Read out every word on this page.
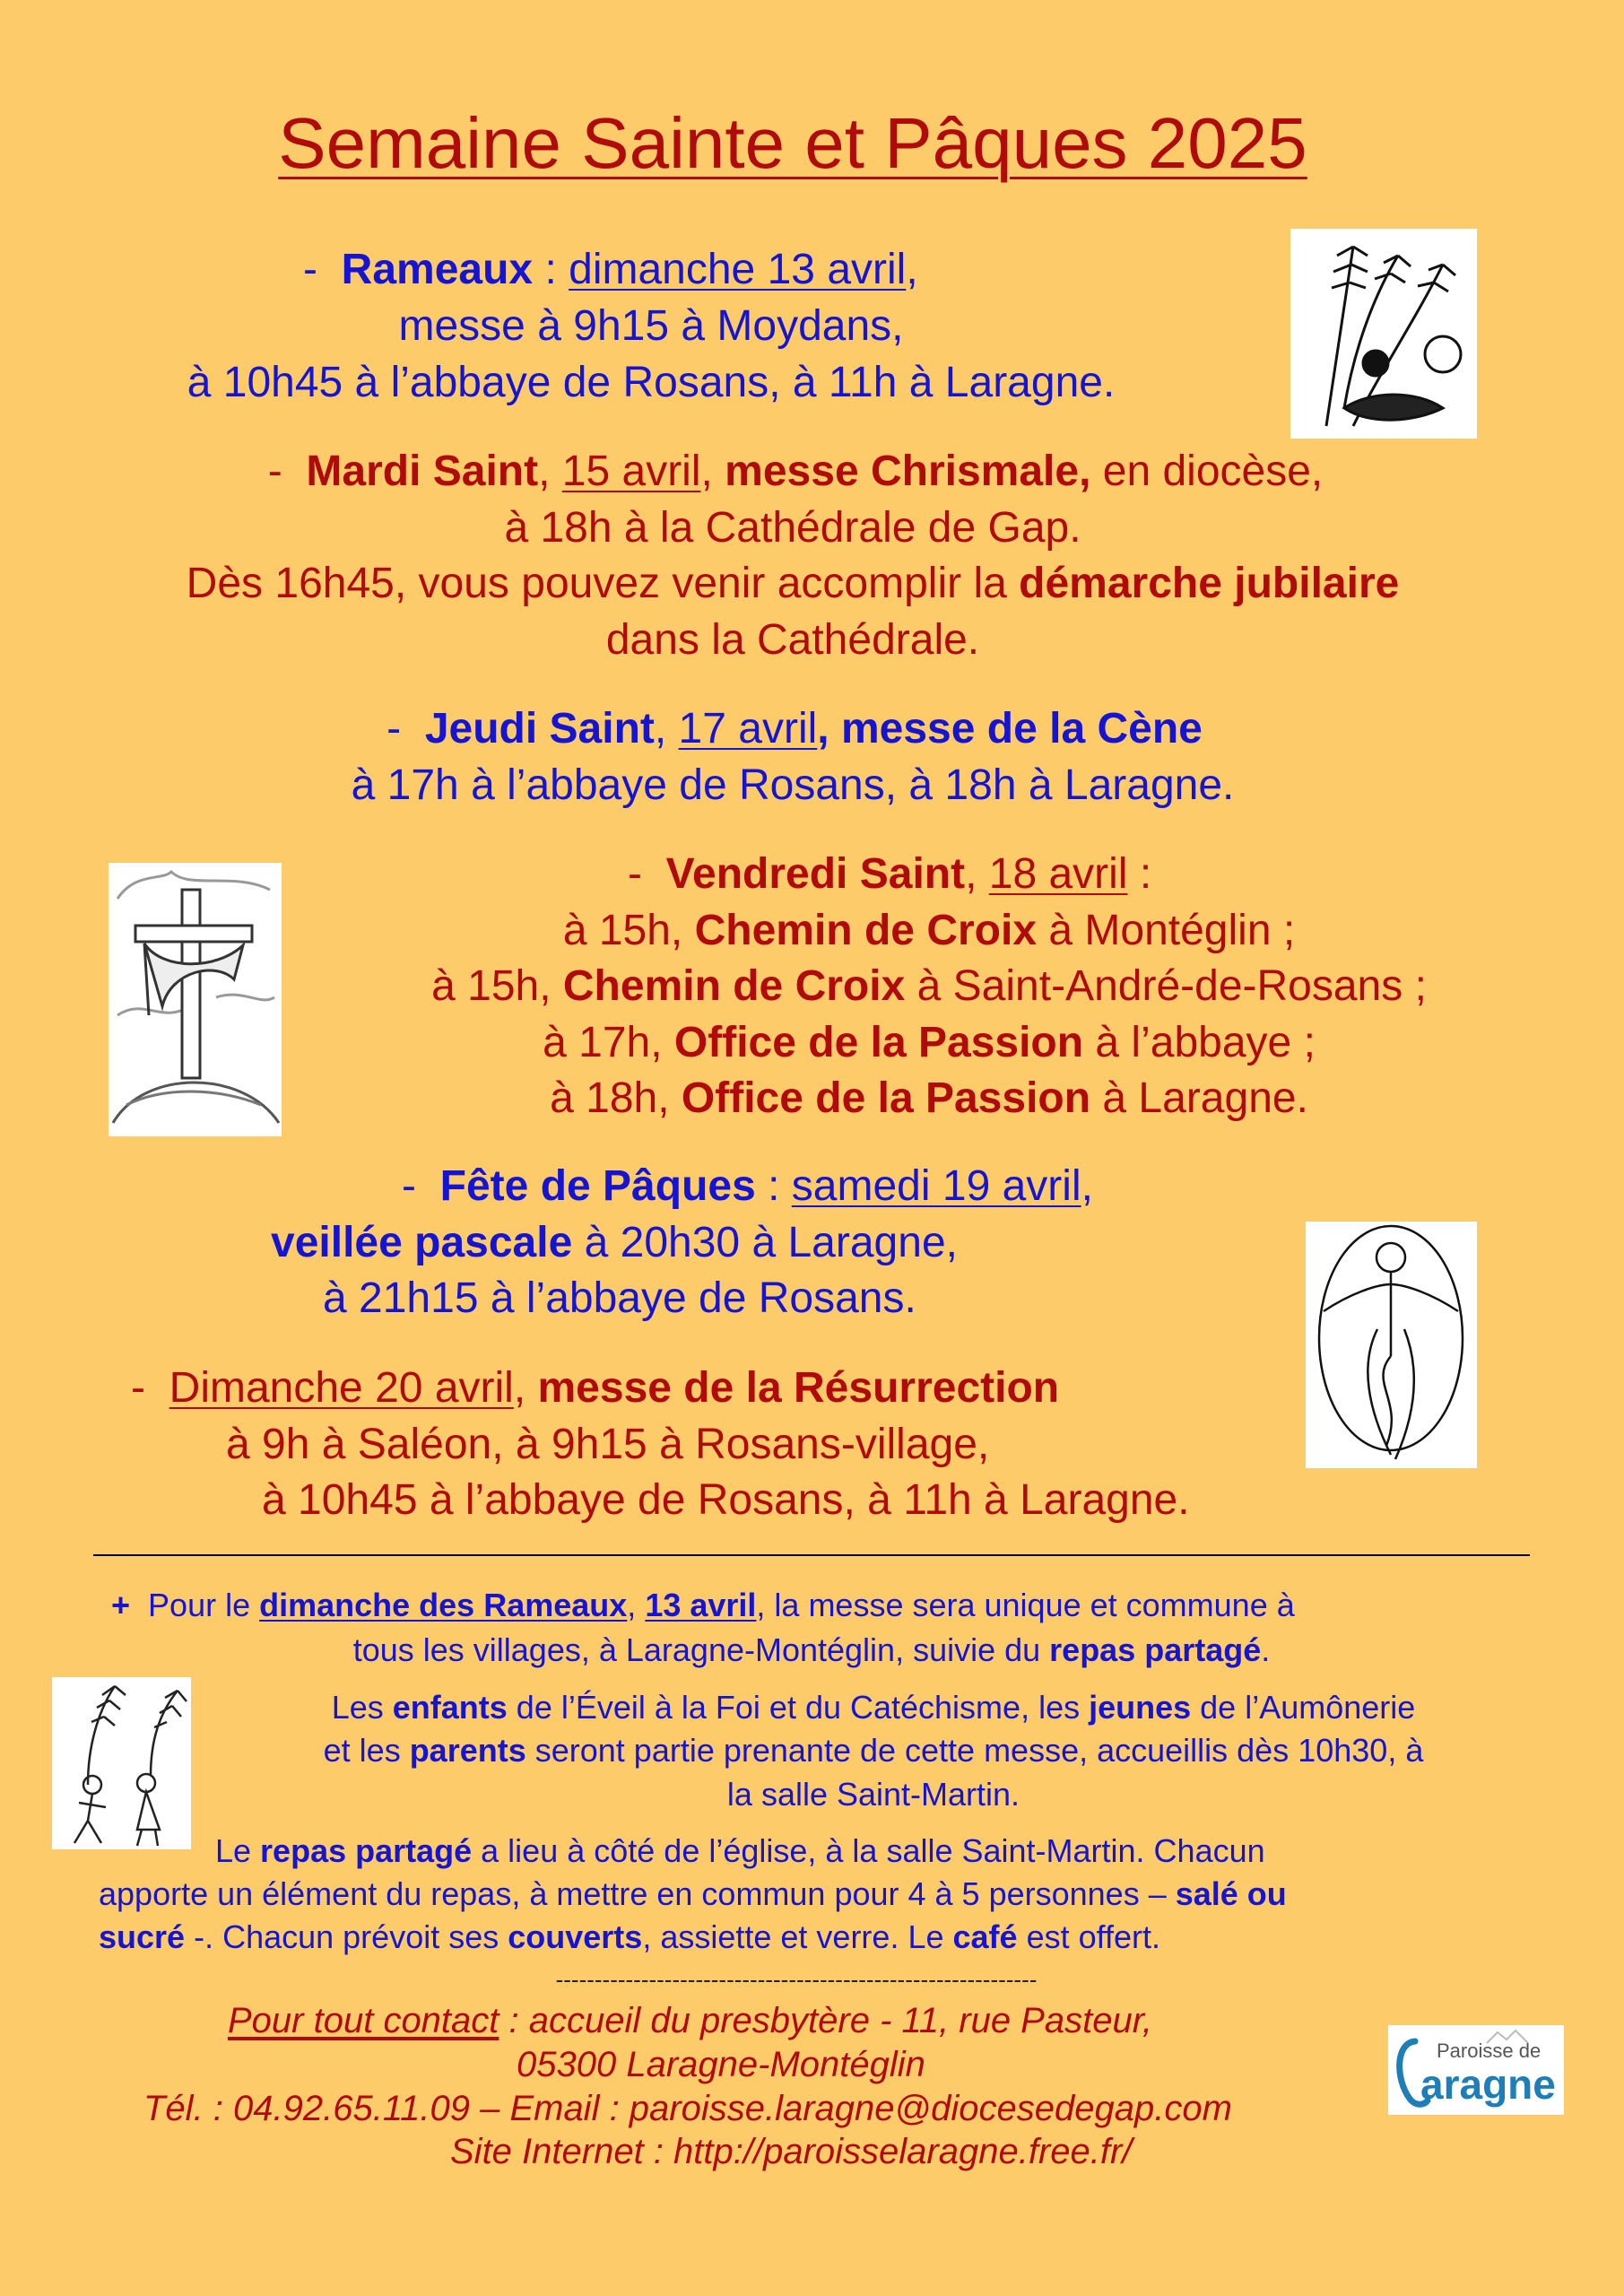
Semaine Sainte et Pâques 2025
- Rameaux : dimanche 13 avril,
messe à 9h15 à Moydans,
à 10h45 à l’abbaye de Rosans, à 11h à Laragne.
- Mardi Saint, 15 avril, messe Chrismale, en diocèse,
à 18h à la Cathédrale de Gap.
Dès 16h45, vous pouvez venir accomplir la démarche jubilaire
dans la Cathédrale.
- Jeudi Saint, 17 avril, messe de la Cène
à 17h à l’abbaye de Rosans, à 18h à Laragne.
- Vendredi Saint, 18 avril :
à 15h, Chemin de Croix à Montéglin ;
à 15h, Chemin de Croix à Saint-André-de-Rosans ;
à 17h, Office de la Passion à l’abbaye ;
à 18h, Office de la Passion à Laragne.
- Fête de Pâques : samedi 19 avril,
veillée pascale à 20h30 à Laragne,
à 21h15 à l’abbaye de Rosans.
- Dimanche 20 avril, messe de la Résurrection
à 9h à Saléon, à 9h15 à Rosans-village,
à 10h45 à l’abbaye de Rosans, à 11h à Laragne.
+ Pour le dimanche des Rameaux, 13 avril, la messe sera unique et commune à
tous les villages, à Laragne-Montéglin, suivie du repas partagé.
Les enfants de l’Éveil à la Foi et du Catéchisme, les jeunes de l’Aumônerie
et les parents seront partie prenante de cette messe, accueillis dès 10h30, à
la salle Saint-Martin.
Le repas partagé a lieu à côté de l’église, à la salle Saint-Martin. Chacun
apporte un élément du repas, à mettre en commun pour 4 à 5 personnes – salé ou
sucré -. Chacun prévoit ses couverts, assiette et verre. Le café est offert.
--------------------------------------------------------------
Pour tout contact : accueil du presbytère - 11, rue Pasteur,
05300 Laragne-Montéglin
Tél. : 04.92.65.11.09 – Email : paroisse.laragne@diocesedegap.com
Site Internet : http://paroisselaragne.free.fr/
Paroisse de
aragne
